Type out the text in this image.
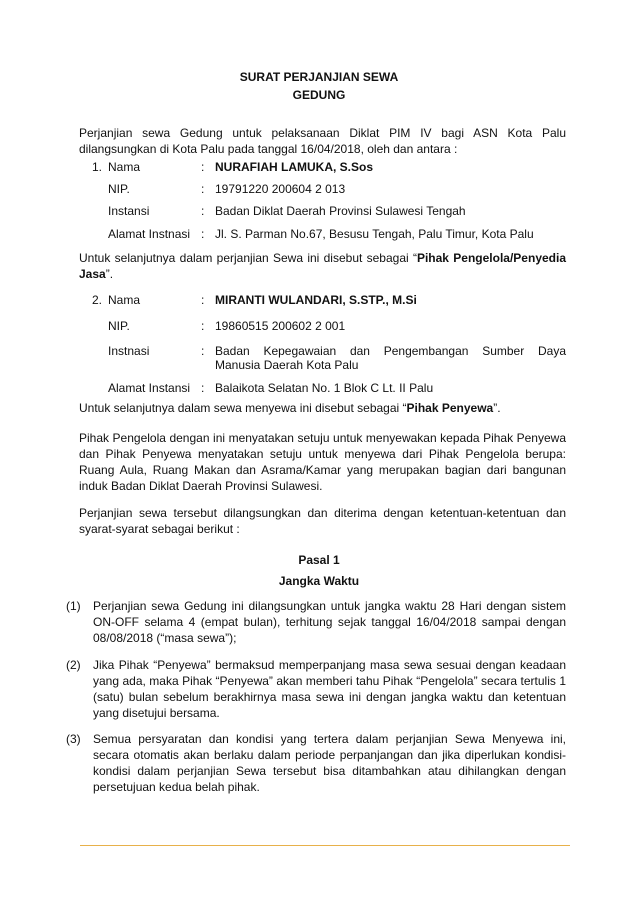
SURAT PERJANJIAN SEWA
GEDUNG
Perjanjian sewa Gedung untuk pelaksanaan Diklat PIM IV bagi ASN Kota Palu dilangsungkan di Kota Palu pada tanggal 16/04/2018, oleh dan antara :
1. Nama	: NURAFIAH LAMUKA, S.Sos
NIP.	: 19791220 200604 2 013
Instansi	: Badan Diklat Daerah Provinsi Sulawesi Tengah
Alamat Instnasi : Jl. S. Parman No.67, Besusu Tengah, Palu Timur, Kota Palu
Untuk selanjutnya dalam perjanjian Sewa ini disebut sebagai “Pihak Pengelola/Penyedia Jasa”.
2. Nama	: MIRANTI WULANDARI, S.STP., M.Si
NIP.	: 19860515 200602 2 001
Instnasi	: Badan Kepegawaian dan Pengembangan Sumber Daya
Manusia Daerah Kota Palu
Alamat Instansi : Balaikota Selatan No. 1 Blok C Lt. II Palu
Untuk selanjutnya dalam sewa menyewa ini disebut sebagai “Pihak Penyewa”.
Pihak Pengelola dengan ini menyatakan setuju untuk menyewakan kepada Pihak Penyewa dan Pihak Penyewa menyatakan setuju untuk menyewa dari Pihak Pengelola berupa: Ruang Aula, Ruang Makan dan Asrama/Kamar yang merupakan bagian dari bangunan induk Badan Diklat Daerah Provinsi Sulawesi.
Perjanjian sewa tersebut dilangsungkan dan diterima dengan ketentuan-ketentuan dan syarat-syarat sebagai berikut :
Pasal 1
Jangka Waktu
(1) Perjanjian sewa Gedung ini dilangsungkan untuk jangka waktu 28 Hari dengan sistem ON-OFF selama 4 (empat bulan), terhitung sejak tanggal 16/04/2018 sampai dengan 08/08/2018 (“masa sewa”);
(2) Jika Pihak “Penyewa” bermaksud memperpanjang masa sewa sesuai dengan keadaan yang ada, maka Pihak “Penyewa” akan memberi tahu Pihak “Pengelola” secara tertulis 1 (satu) bulan sebelum berakhirnya masa sewa ini dengan jangka waktu dan ketentuan yang disetujui bersama.
(3) Semua persyaratan dan kondisi yang tertera dalam perjanjian Sewa Menyewa ini, secara otomatis akan berlaku dalam periode perpanjangan dan jika diperlukan kondisi-kondisi dalam perjanjian Sewa tersebut bisa ditambahkan atau dihilangkan dengan persetujuan kedua belah pihak.
